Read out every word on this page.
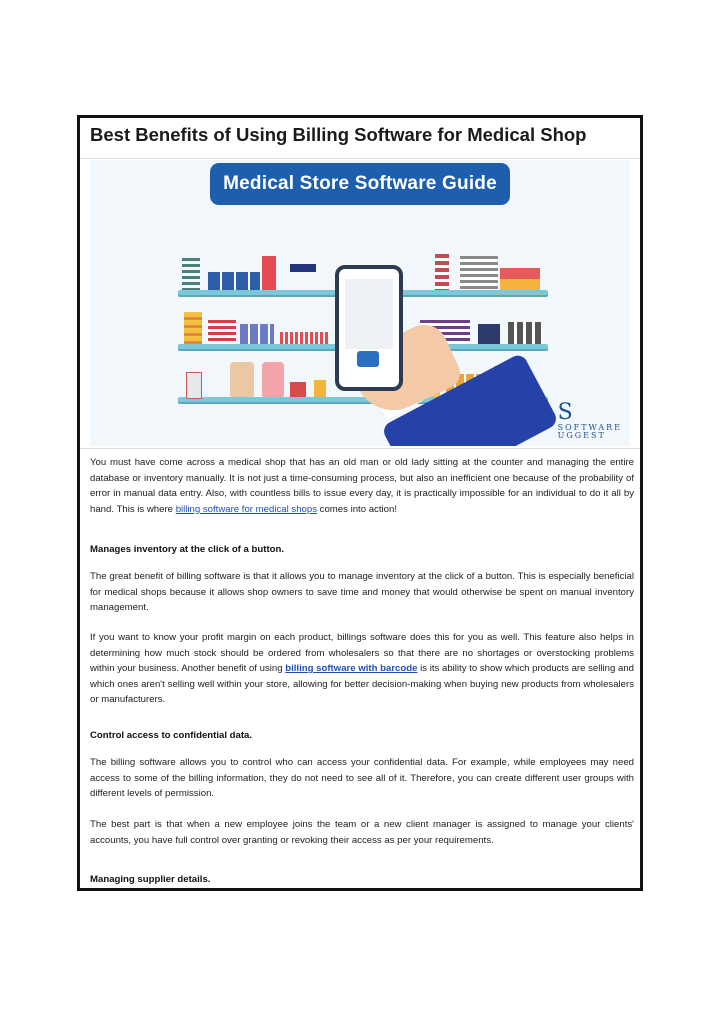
Best Benefits of Using Billing Software for Medical Shop
Medical Store Software Guide
S
SOFTWARE
UGGEST

You must have come across a medical shop that has an old man or old lady sitting at the counter and managing the entire database or inventory manually. It is not just a time-consuming process, but also an inefficient one because of the probability of error in manual data entry. Also, with countless bills to issue every day, it is practically impossible for an individual to do it all by hand. This is where billing software for medical shops comes into action!

Manages inventory at the click of a button.

The great benefit of billing software is that it allows you to manage inventory at the click of a button. This is especially beneficial for medical shops because it allows shop owners to save time and money that would otherwise be spent on manual inventory management.

If you want to know your profit margin on each product, billings software does this for you as well. This feature also helps in determining how much stock should be ordered from wholesalers so that there are no shortages or overstocking problems within your business. Another benefit of using billing software with barcode is its ability to show which products are selling and which ones aren't selling well within your store, allowing for better decision-making when buying new products from wholesalers or manufacturers.

Control access to confidential data.

The billing software allows you to control who can access your confidential data. For example, while employees may need access to some of the billing information, they do not need to see all of it. Therefore, you can create different user groups with different levels of permission.

The best part is that when a new employee joins the team or a new client manager is assigned to manage your clients' accounts, you have full control over granting or revoking their access as per your requirements.

Managing supplier details.
